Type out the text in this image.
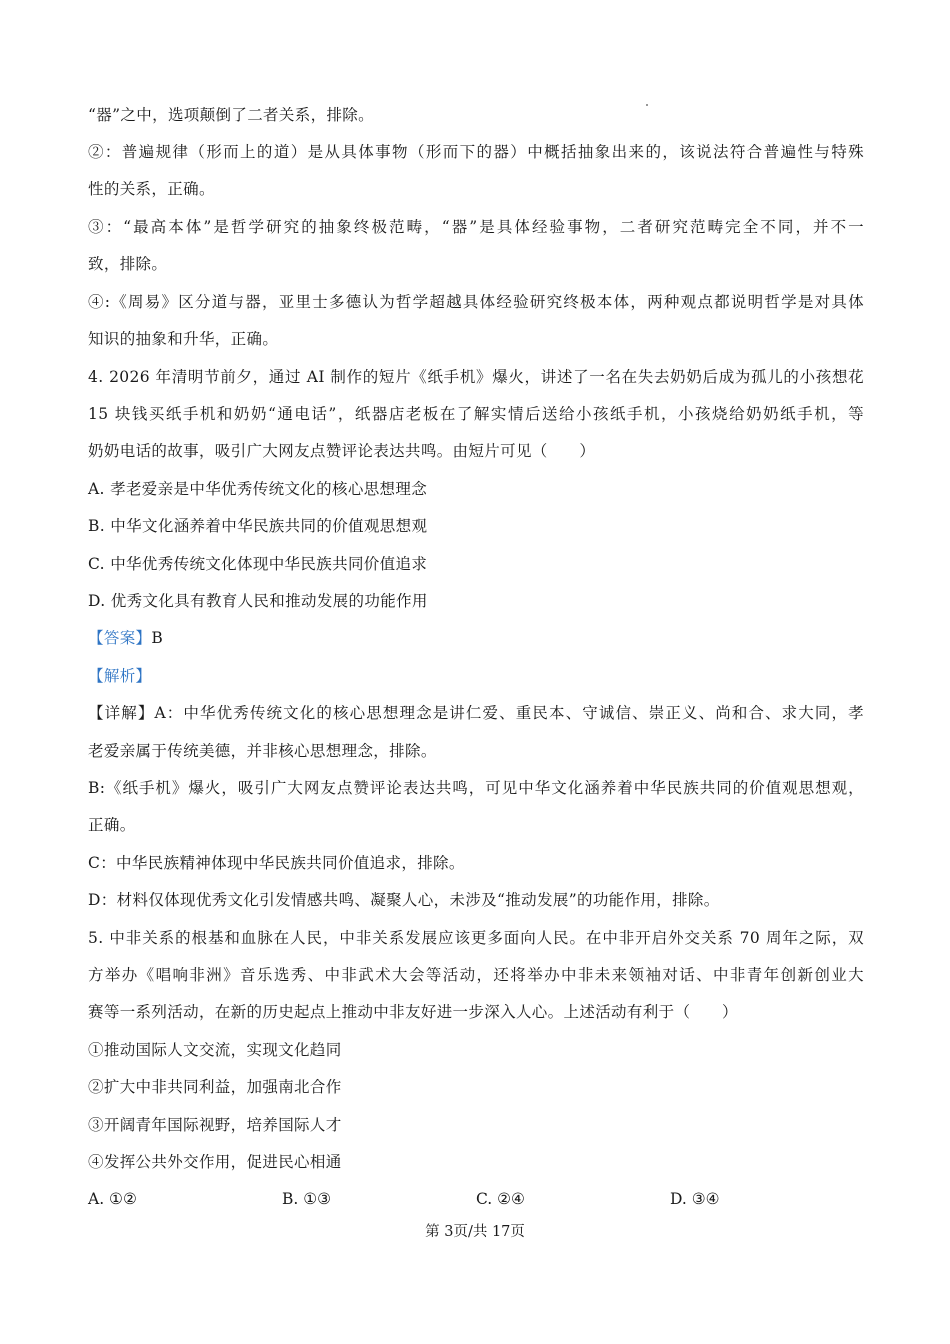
“器”之中，选项颠倒了二者关系，排除。
②：普遍规律（形而上的道）是从具体事物（形而下的器）中概括抽象出来的，该说法符合普遍性与特殊
性的关系，正确。
③：“最高本体”是哲学研究的抽象终极范畴，“器”是具体经验事物，二者研究范畴完全不同，并不一
致，排除。
④:《周易》区分道与器，亚里士多德认为哲学超越具体经验研究终极本体，两种观点都说明哲学是对具体
知识的抽象和升华，正确。
4. 2026 年清明节前夕，通过 AI 制作的短片《纸手机》爆火，讲述了一名在失去奶奶后成为孤儿的小孩想花
15 块钱买纸手机和奶奶“通电话”，纸器店老板在了解实情后送给小孩纸手机，小孩烧给奶奶纸手机，等
奶奶电话的故事，吸引广大网友点赞评论表达共鸣。由短片可见（　　）
A. 孝老爱亲是中华优秀传统文化的核心思想理念
B. 中华文化涵养着中华民族共同的价值观思想观
C. 中华优秀传统文化体现中华民族共同价值追求
D. 优秀文化具有教育人民和推动发展的功能作用
【答案】B
【解析】
【详解】A：中华优秀传统文化的核心思想理念是讲仁爱、重民本、守诚信、崇正义、尚和合、求大同，孝
老爱亲属于传统美德，并非核心思想理念，排除。
B:《纸手机》爆火，吸引广大网友点赞评论表达共鸣，可见中华文化涵养着中华民族共同的价值观思想观，
正确。
C：中华民族精神体现中华民族共同价值追求，排除。
D：材料仅体现优秀文化引发情感共鸣、凝聚人心，未涉及“推动发展”的功能作用，排除。
5. 中非关系的根基和血脉在人民，中非关系发展应该更多面向人民。在中非开启外交关系 70 周年之际，双
方举办《唱响非洲》音乐选秀、中非武术大会等活动，还将举办中非未来领袖对话、中非青年创新创业大
赛等一系列活动，在新的历史起点上推动中非友好进一步深入人心。上述活动有利于（　　）
①推动国际人文交流，实现文化趋同
②扩大中非共同利益，加强南北合作
③开阔青年国际视野，培养国际人才
④发挥公共外交作用，促进民心相通
A. ①②	B. ①③	C. ②④	D. ③④
第 3页/共 17页
